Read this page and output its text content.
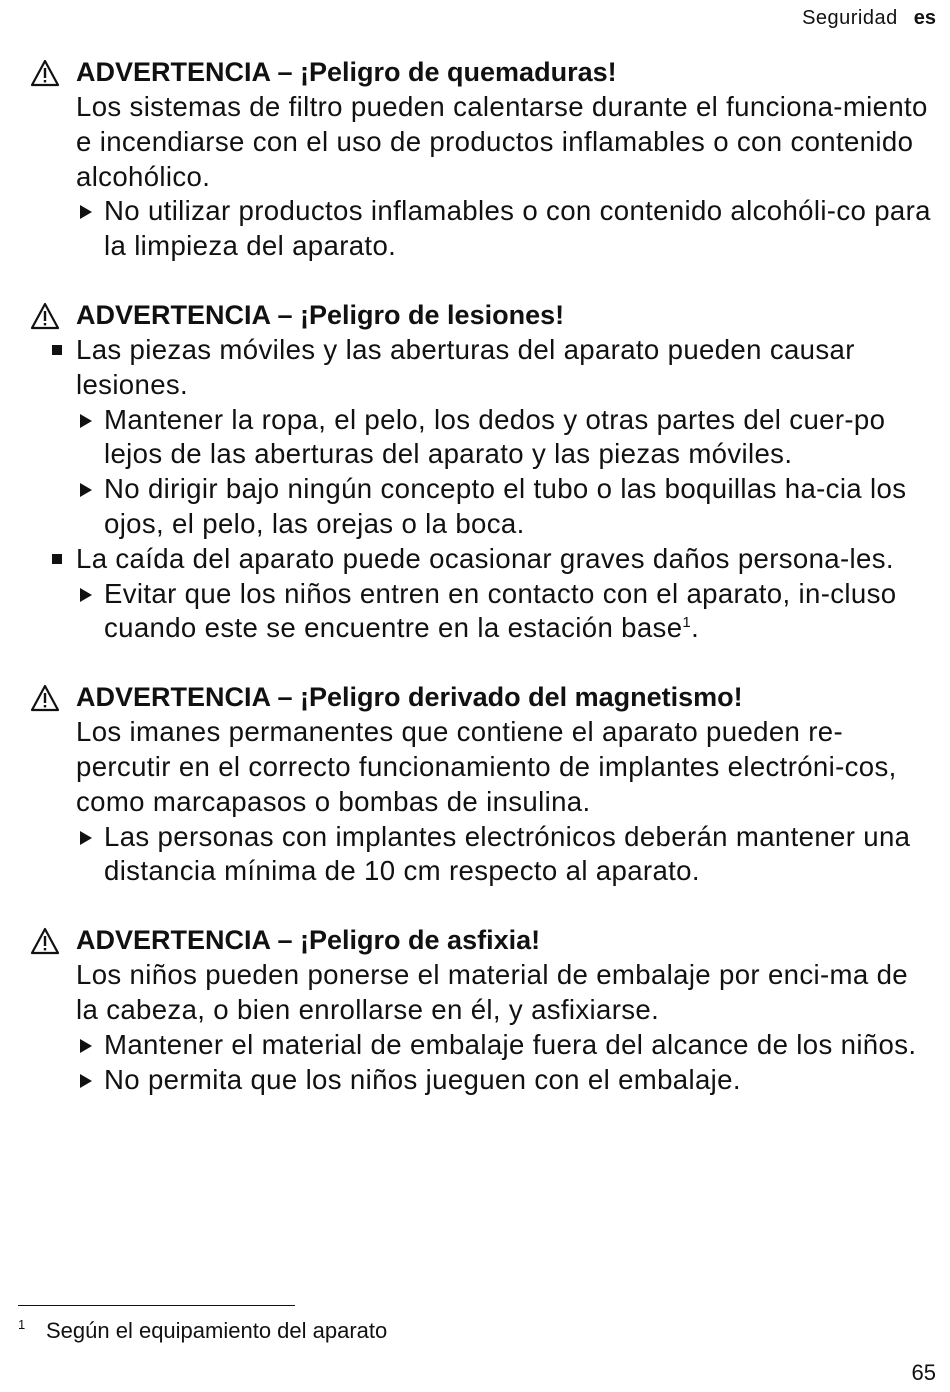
Seguridad es
ADVERTENCIA – ¡Peligro de quemaduras!
Los sistemas de filtro pueden calentarse durante el funciona-miento e incendiarse con el uso de productos inflamables o con contenido alcohólico.
No utilizar productos inflamables o con contenido alcohóli-co para la limpieza del aparato.
ADVERTENCIA – ¡Peligro de lesiones!
Las piezas móviles y las aberturas del aparato pueden causar lesiones.
Mantener la ropa, el pelo, los dedos y otras partes del cuer-po lejos de las aberturas del aparato y las piezas móviles.
No dirigir bajo ningún concepto el tubo o las boquillas ha-cia los ojos, el pelo, las orejas o la boca.
La caída del aparato puede ocasionar graves daños persona-les.
Evitar que los niños entren en contacto con el aparato, in-cluso cuando este se encuentre en la estación base$^1$.
ADVERTENCIA – ¡Peligro derivado del magnetismo!
Los imanes permanentes que contiene el aparato pueden re-percutir en el correcto funcionamiento de implantes electróni-cos, como marcapasos o bombas de insulina.
Las personas con implantes electrónicos deberán mantener una distancia mínima de 10 cm respecto al aparato.
ADVERTENCIA – ¡Peligro de asfixia!
Los niños pueden ponerse el material de embalaje por enci-ma de la cabeza, o bien enrollarse en él, y asfixiarse.
Mantener el material de embalaje fuera del alcance de los niños.
No permita que los niños jueguen con el embalaje.
1 Según el equipamiento del aparato
65
